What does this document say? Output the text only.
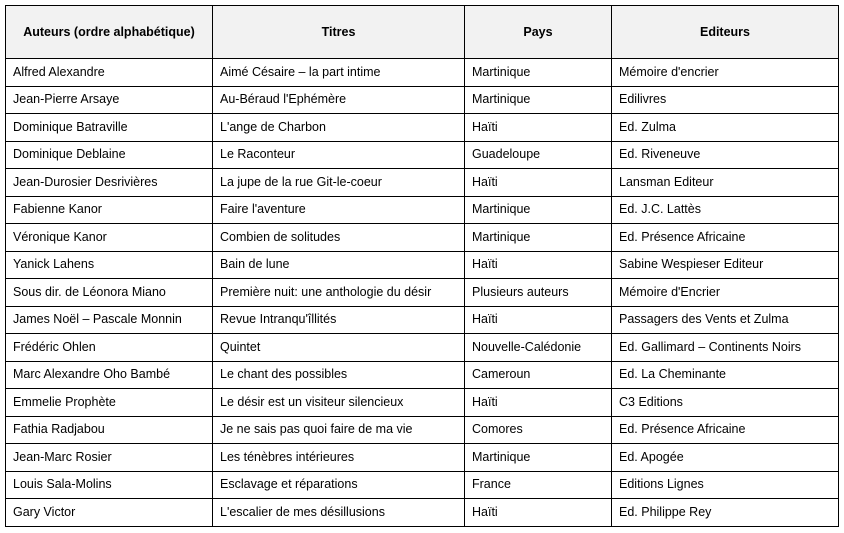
Auteurs (ordre alphabétique)	Titres	Pays	Editeurs
Alfred Alexandre	Aimé Césaire – la part intime	Martinique	Mémoire d'encrier
Jean-Pierre Arsaye	Au-Béraud l'Ephémère	Martinique	Edilivres
Dominique Batraville	L'ange de Charbon	Haïti	Ed. Zulma
Dominique Deblaine	Le Raconteur	Guadeloupe	Ed. Riveneuve
Jean-Durosier Desrivières	La jupe de la rue Git-le-coeur	Haïti	Lansman Editeur
Fabienne Kanor	Faire l'aventure	Martinique	Ed. J.C. Lattès
Véronique Kanor	Combien de solitudes	Martinique	Ed. Présence Africaine
Yanick Lahens	Bain de lune	Haïti	Sabine Wespieser Editeur
Sous dir. de Léonora Miano	Première nuit: une anthologie du désir	Plusieurs auteurs	Mémoire d'Encrier
James Noël – Pascale Monnin	Revue Intranqu'îllités	Haïti	Passagers des Vents et Zulma
Frédéric Ohlen	Quintet	Nouvelle-Calédonie	Ed. Gallimard – Continents Noirs
Marc Alexandre Oho Bambé	Le chant des possibles	Cameroun	Ed. La Cheminante
Emmelie Prophète	Le désir est un visiteur silencieux	Haïti	C3 Editions
Fathia Radjabou	Je ne sais pas quoi faire de ma vie	Comores	Ed. Présence Africaine
Jean-Marc Rosier	Les ténèbres intérieures	Martinique	Ed. Apogée
Louis Sala-Molins	Esclavage et réparations	France	Editions Lignes
Gary Victor	L'escalier de mes désillusions	Haïti	Ed. Philippe Rey
